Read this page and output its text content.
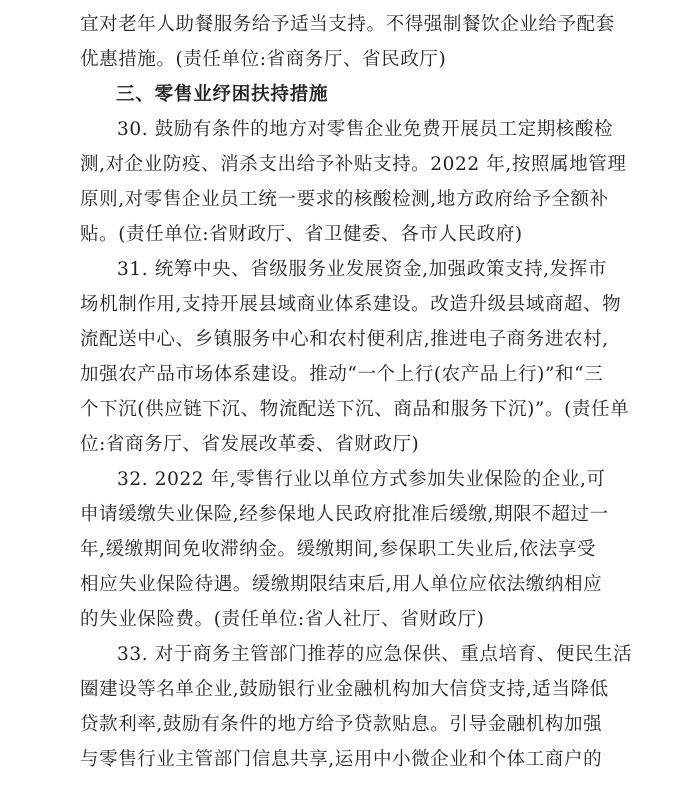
宜对老年人助餐服务给予适当支持。不得强制餐饮企业给予配套
优惠措施。(责任单位:省商务厅、省民政厅)
三、零售业纾困扶持措施
30. 鼓励有条件的地方对零售企业免费开展员工定期核酸检
测,对企业防疫、消杀支出给予补贴支持。2022 年,按照属地管理
原则,对零售企业员工统一要求的核酸检测,地方政府给予全额补
贴。(责任单位:省财政厅、省卫健委、各市人民政府)
31. 统筹中央、省级服务业发展资金,加强政策支持,发挥市
场机制作用,支持开展县域商业体系建设。改造升级县域商超、物
流配送中心、乡镇服务中心和农村便利店,推进电子商务进农村,
加强农产品市场体系建设。推动“一个上行(农产品上行)”和“三
个下沉(供应链下沉、物流配送下沉、商品和服务下沉)”。(责任单
位:省商务厅、省发展改革委、省财政厅)
32. 2022 年,零售行业以单位方式参加失业保险的企业,可
申请缓缴失业保险,经参保地人民政府批准后缓缴,期限不超过一
年,缓缴期间免收滞纳金。缓缴期间,参保职工失业后,依法享受
相应失业保险待遇。缓缴期限结束后,用人单位应依法缴纳相应
的失业保险费。(责任单位:省人社厅、省财政厅)
33. 对于商务主管部门推荐的应急保供、重点培育、便民生活
圈建设等名单企业,鼓励银行业金融机构加大信贷支持,适当降低
贷款利率,鼓励有条件的地方给予贷款贴息。引导金融机构加强
与零售行业主管部门信息共享,运用中小微企业和个体工商户的
